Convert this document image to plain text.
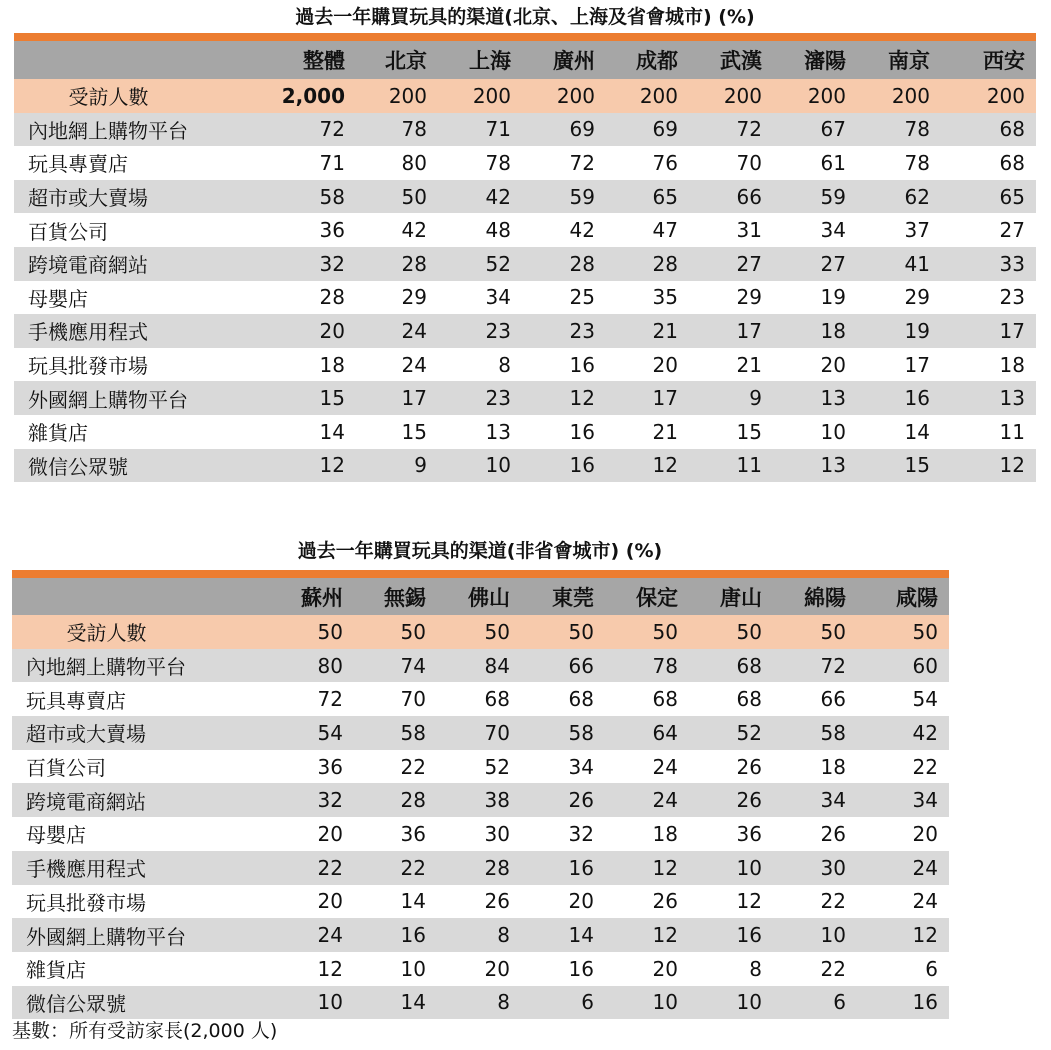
過去一年購買玩具的渠道(北京、上海及省會城市) (%)
	整體	北京	上海	廣州	成都	武漢	瀋陽	南京	西安
受訪人數	2,000	200	200	200	200	200	200	200	200
內地網上購物平台	72	78	71	69	69	72	67	78	68
玩具專賣店	71	80	78	72	76	70	61	78	68
超市或大賣場	58	50	42	59	65	66	59	62	65
百貨公司	36	42	48	42	47	31	34	37	27
跨境電商網站	32	28	52	28	28	27	27	41	33
母嬰店	28	29	34	25	35	29	19	29	23
手機應用程式	20	24	23	23	21	17	18	19	17
玩具批發市場	18	24	8	16	20	21	20	17	18
外國網上購物平台	15	17	23	12	17	9	13	16	13
雜貨店	14	15	13	16	21	15	10	14	11
微信公眾號	12	9	10	16	12	11	13	15	12
過去一年購買玩具的渠道(非省會城市) (%)
	蘇州	無錫	佛山	東莞	保定	唐山	綿陽	咸陽
受訪人數	50	50	50	50	50	50	50	50
內地網上購物平台	80	74	84	66	78	68	72	60
玩具專賣店	72	70	68	68	68	68	66	54
超市或大賣場	54	58	70	58	64	52	58	42
百貨公司	36	22	52	34	24	26	18	22
跨境電商網站	32	28	38	26	24	26	34	34
母嬰店	20	36	30	32	18	36	26	20
手機應用程式	22	22	28	16	12	10	30	24
玩具批發市場	20	14	26	20	26	12	22	24
外國網上購物平台	24	16	8	14	12	16	10	12
雜貨店	12	10	20	16	20	8	22	6
微信公眾號	10	14	8	6	10	10	6	16
基數：所有受訪家長(2,000 人)
